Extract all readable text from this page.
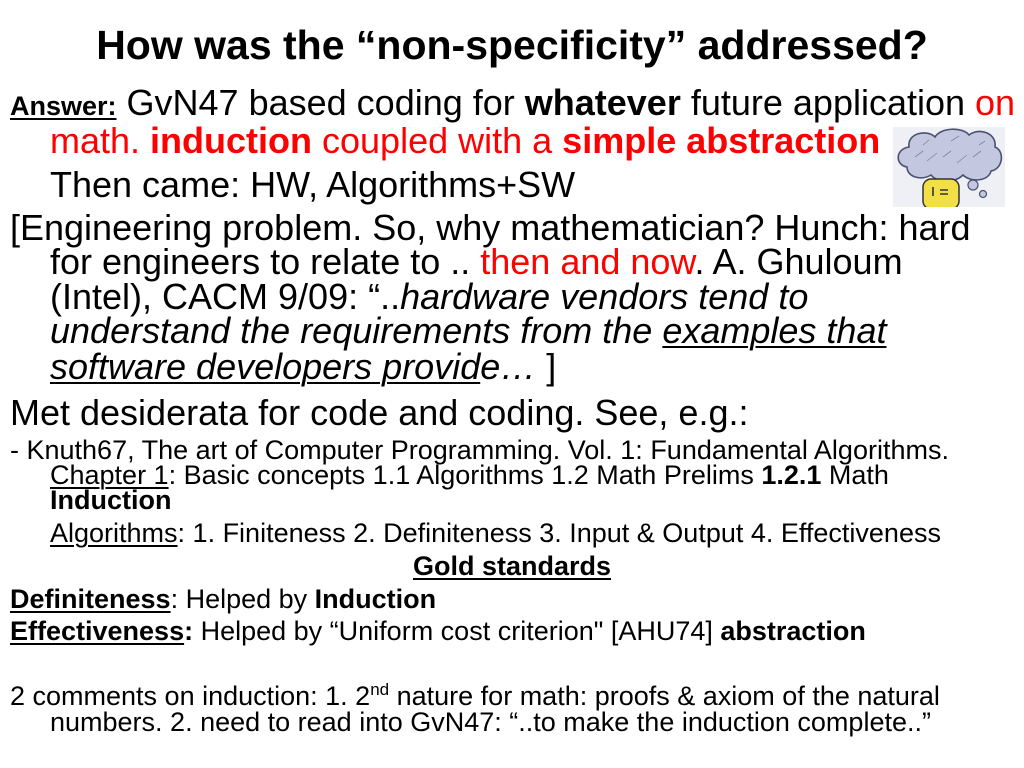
How was the “non-specificity” addressed?
Answer: GvN47 based coding for whatever future application on
math. induction coupled with a simple abstraction
Then came: HW, Algorithms+SW
[Engineering problem. So, why mathematician? Hunch: hard
for engineers to relate to .. then and now. A. Ghuloum
(Intel), CACM 9/09: “..hardware vendors tend to
understand the requirements from the examples that
software developers provide… ]
Met desiderata for code and coding. See, e.g.:
- Knuth67, The art of Computer Programming. Vol. 1: Fundamental Algorithms.
Chapter 1: Basic concepts 1.1 Algorithms 1.2 Math Prelims 1.2.1 Math
Induction
Algorithms: 1. Finiteness 2. Definiteness 3. Input & Output 4. Effectiveness
Gold standards
Definiteness: Helped by Induction
Effectiveness: Helped by “Uniform cost criterion" [AHU74] abstraction
2 comments on induction: 1. 2nd nature for math: proofs & axiom of the natural
numbers. 2. need to read into GvN47: “..to make the induction complete..”
